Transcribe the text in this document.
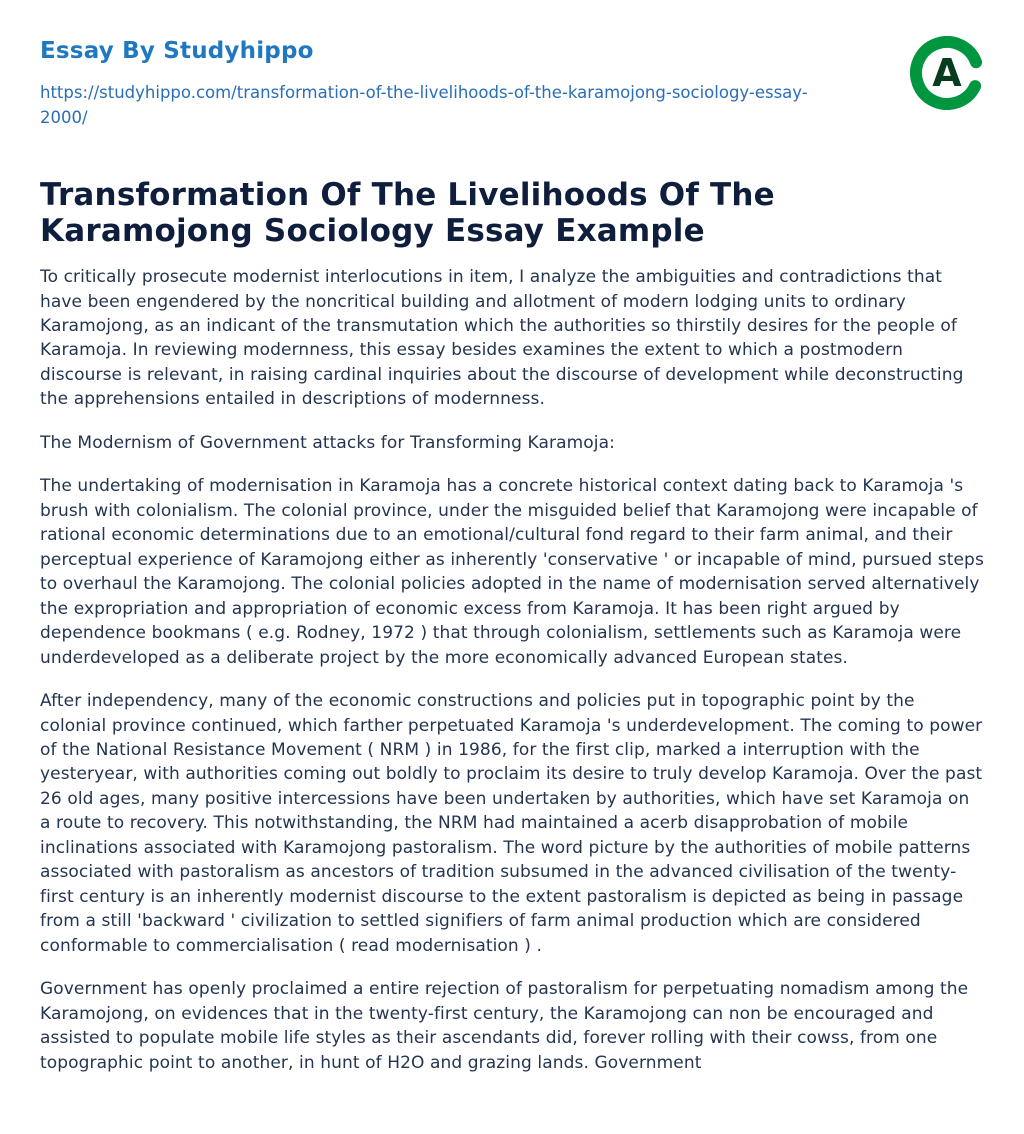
Essay By Studyhippo
https://studyhippo.com/transformation-of-the-livelihoods-of-the-karamojong-sociology-essay-2000/
A
Transformation Of The Livelihoods Of The Karamojong Sociology Essay Example

To critically prosecute modernist interlocutions in item, I analyze the ambiguities and contradictions that have been engendered by the noncritical building and allotment of modern lodging units to ordinary Karamojong, as an indicant of the transmutation which the authorities so thirstily desires for the people of Karamoja. In reviewing modernness, this essay besides examines the extent to which a postmodern discourse is relevant, in raising cardinal inquiries about the discourse of development while deconstructing the apprehensions entailed in descriptions of modernness.

The Modernism of Government attacks for Transforming Karamoja:

The undertaking of modernisation in Karamoja has a concrete historical context dating back to Karamoja 's brush with colonialism. The colonial province, under the misguided belief that Karamojong were incapable of rational economic determinations due to an emotional/cultural fond regard to their farm animal, and their perceptual experience of Karamojong either as inherently 'conservative ' or incapable of mind, pursued steps to overhaul the Karamojong. The colonial policies adopted in the name of modernisation served alternatively the expropriation and appropriation of economic excess from Karamoja. It has been right argued by dependence bookmans ( e.g. Rodney, 1972 ) that through colonialism, settlements such as Karamoja were underdeveloped as a deliberate project by the more economically advanced European states.

After independency, many of the economic constructions and policies put in topographic point by the colonial province continued, which farther perpetuated Karamoja 's underdevelopment. The coming to power of the National Resistance Movement ( NRM ) in 1986, for the first clip, marked a interruption with the yesteryear, with authorities coming out boldly to proclaim its desire to truly develop Karamoja. Over the past 26 old ages, many positive intercessions have been undertaken by authorities, which have set Karamoja on a route to recovery. This notwithstanding, the NRM had maintained a acerb disapprobation of mobile inclinations associated with Karamojong pastoralism. The word picture by the authorities of mobile patterns associated with pastoralism as ancestors of tradition subsumed in the advanced civilisation of the twenty-first century is an inherently modernist discourse to the extent pastoralism is depicted as being in passage from a still 'backward ' civilization to settled signifiers of farm animal production which are considered conformable to commercialisation ( read modernisation ) .

Government has openly proclaimed a entire rejection of pastoralism for perpetuating nomadism among the Karamojong, on evidences that in the twenty-first century, the Karamojong can non be encouraged and assisted to populate mobile life styles as their ascendants did, forever rolling with their cowss, from one topographic point to another, in hunt of H2O and grazing lands. Government
